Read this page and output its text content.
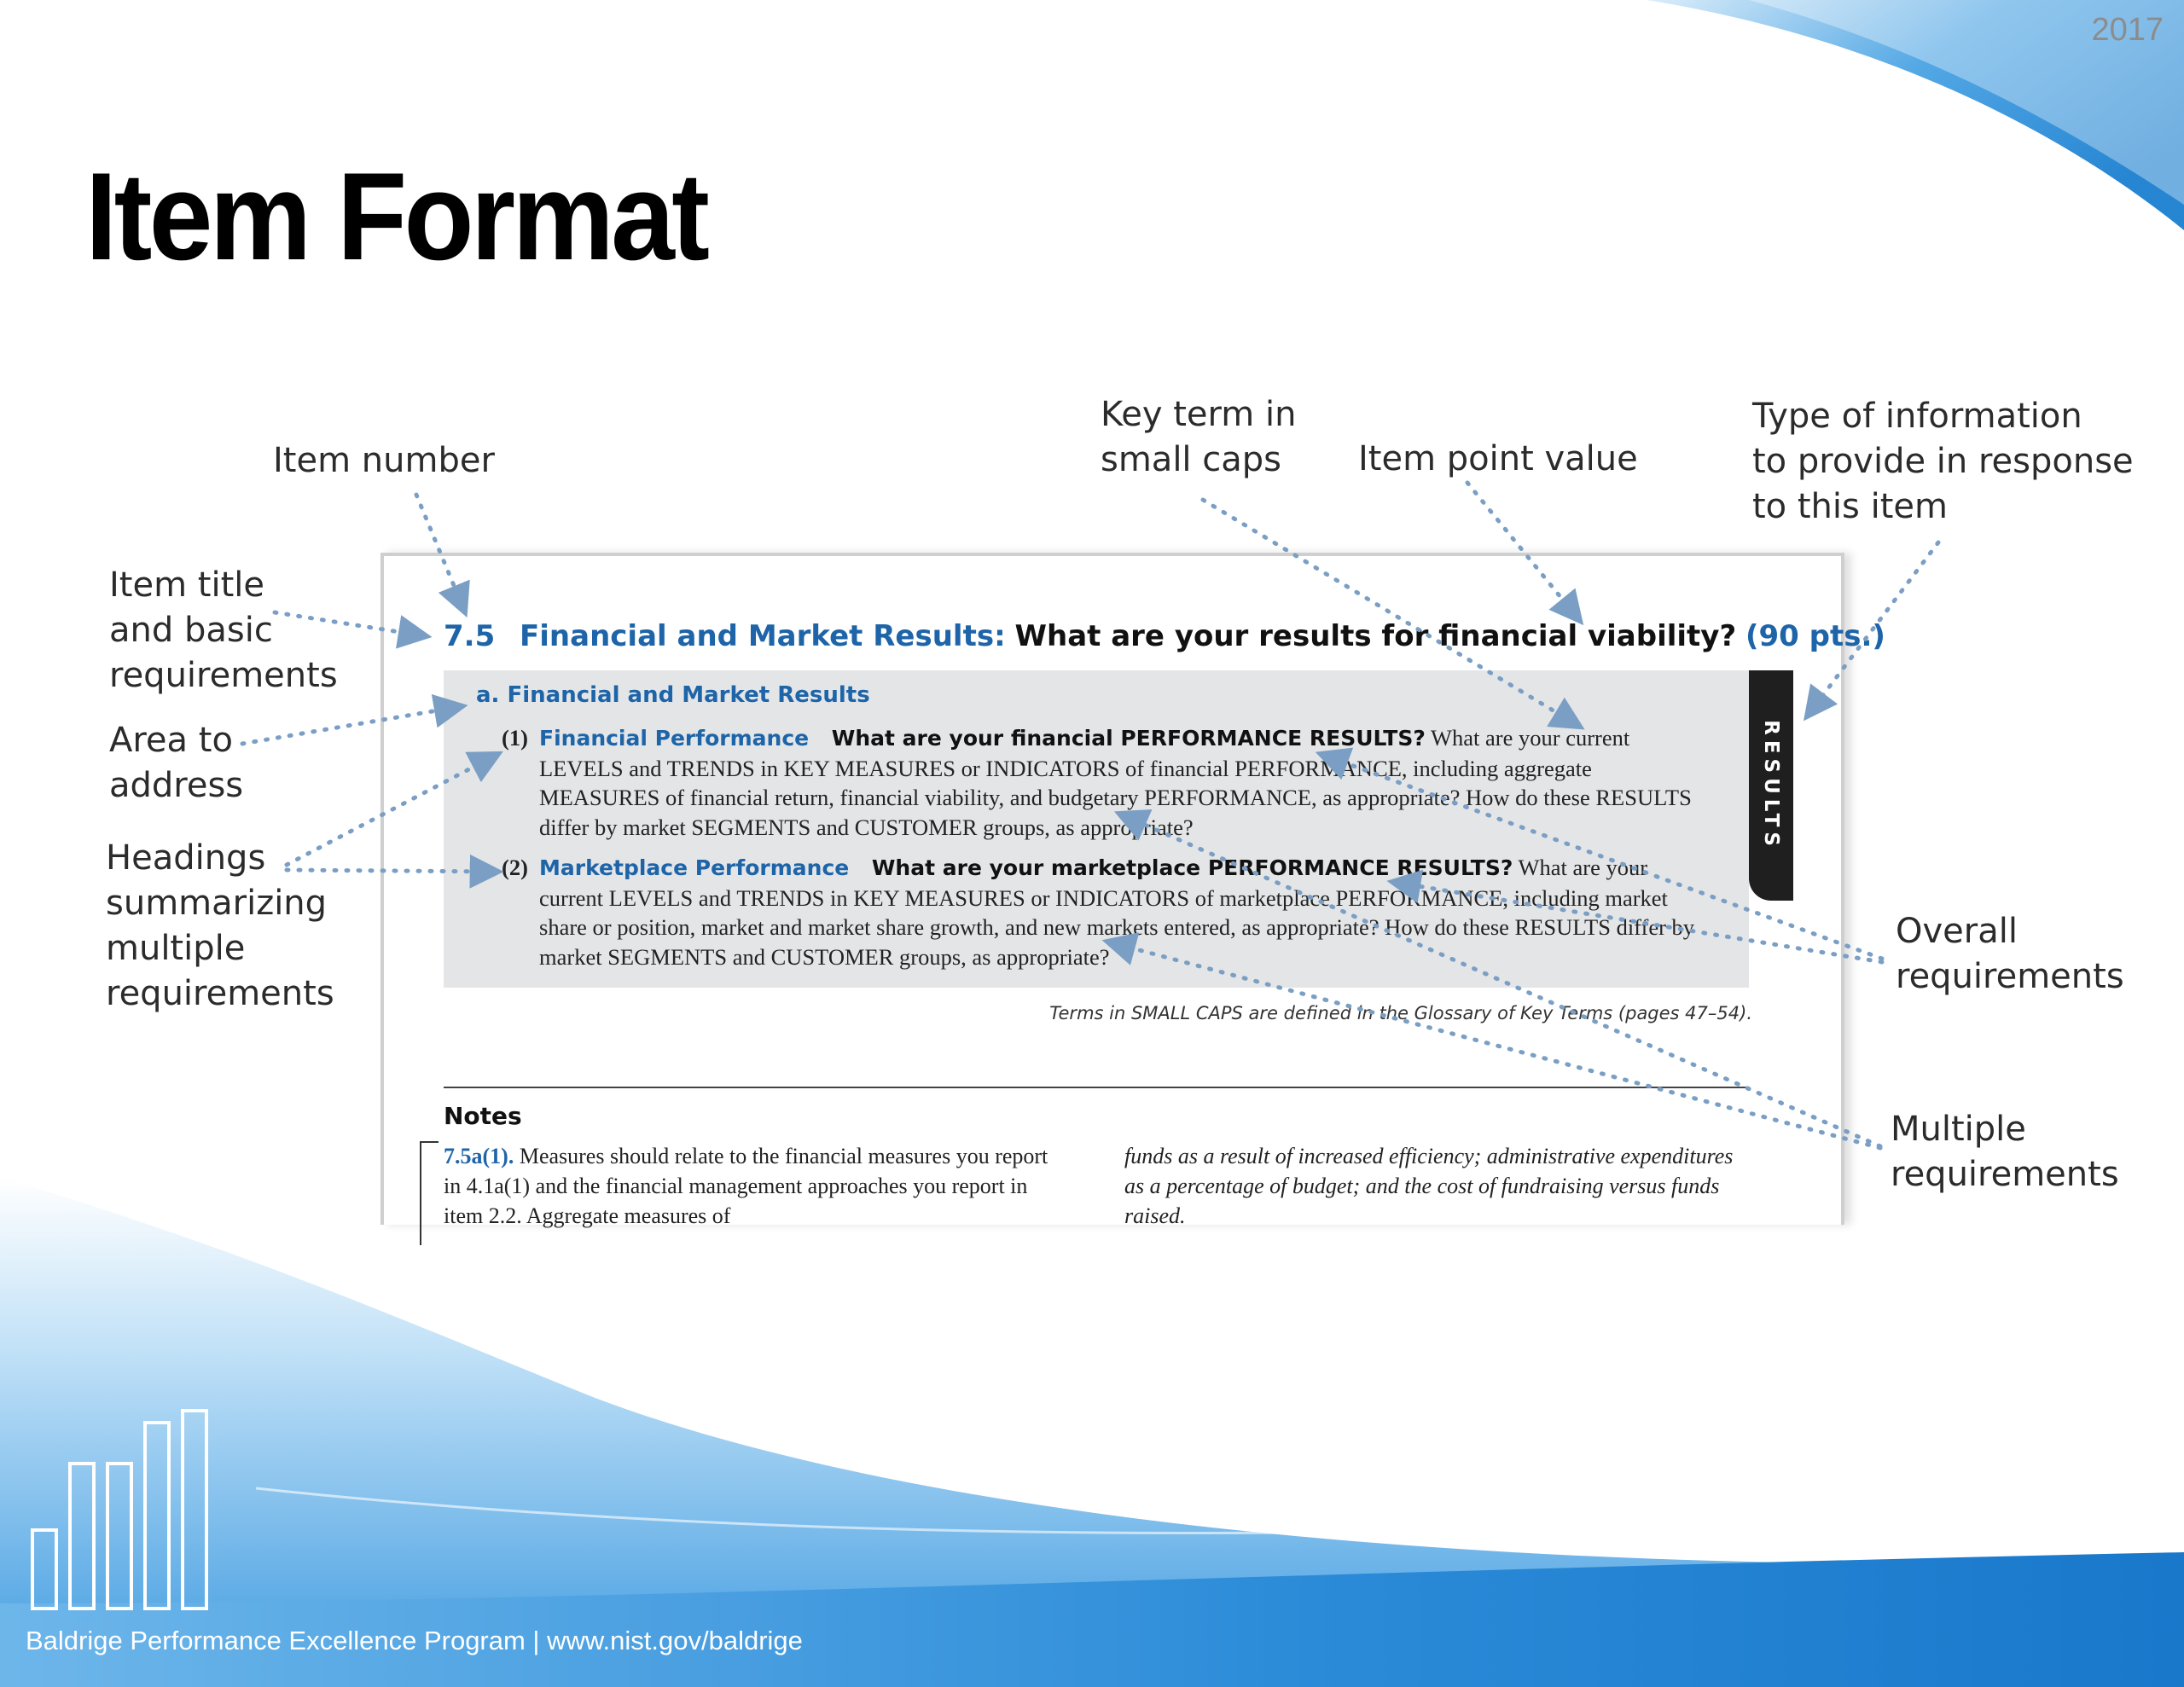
2017
Item Format
Item number
Key term in
small caps	Item point value
Type of information
to provide in response
to this item
Item title
and basic
requirements
Area to
address
Headings
summarizing
multiple
requirements
Overall
requirements
Multiple
requirements
7.5 Financial and Market Results: What are your results for financial viability? (90 pts.)
a. Financial and Market Results
(1) Financial Performance What are your financial PERFORMANCE RESULTS? What are your current LEVELS and TRENDS in KEY MEASURES or INDICATORS of financial PERFORMANCE, including aggregate MEASURES of financial return, financial viability, and budgetary PERFORMANCE, as appropriate? How do these RESULTS differ by market SEGMENTS and CUSTOMER groups, as appropriate?
(2) Marketplace Performance What are your marketplace PERFORMANCE RESULTS? What are your current LEVELS and TRENDS in KEY MEASURES or INDICATORS of marketplace PERFORMANCE, including market share or position, market and market share growth, and new markets entered, as appropriate? How do these RESULTS differ by market SEGMENTS and CUSTOMER groups, as appropriate?
RESULTS
Terms in SMALL CAPS are defined in the Glossary of Key Terms (pages 47–54).
Notes
7.5a(1). Measures should relate to the financial measures you report in 4.1a(1) and the financial management approaches you report in item 2.2. Aggregate measures of
funds as a result of increased efficiency; administrative expenditures as a percentage of budget; and the cost of fundraising versus funds raised.
Baldrige Performance Excellence Program | www.nist.gov/baldrige
